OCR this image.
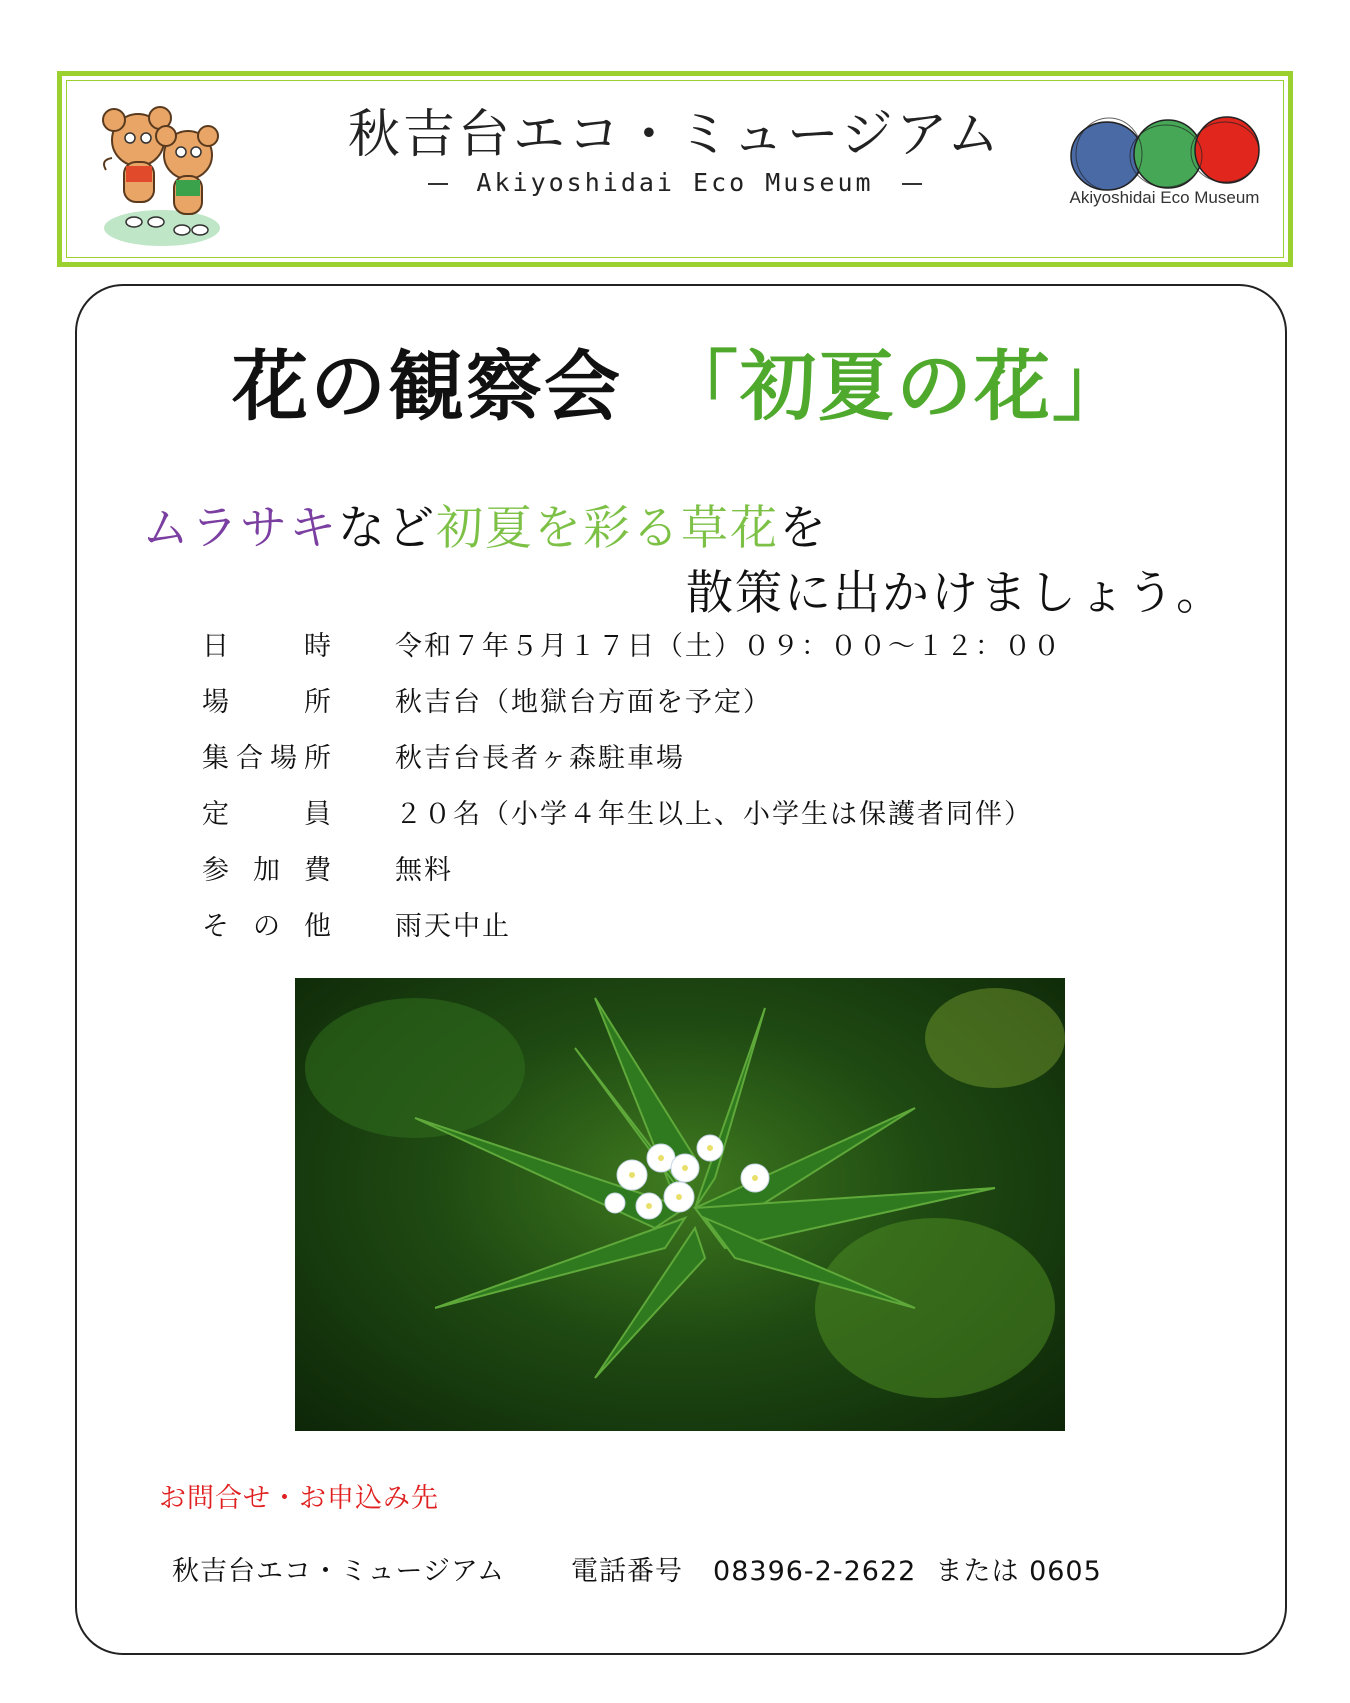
秋吉台エコ・ミュージアム
Akiyoshidai Eco Museum
Akiyoshidai Eco Museum
花の観察会 「初夏の花」
ムラサキなど初夏を彩る草花を
散策に出かけましょう。
日　時 令和７年５月１７日（土）０９：００～１２：００
場　所 秋吉台（地獄台方面を予定）
集合場所 秋吉台長者ヶ森駐車場
定　員 ２０名（小学４年生以上、小学生は保護者同伴）
参加費 無料
その他 雨天中止
お問合せ・お申込み先
秋吉台エコ・ミュージアム 電話番号 08396-2-2622 または 0605
